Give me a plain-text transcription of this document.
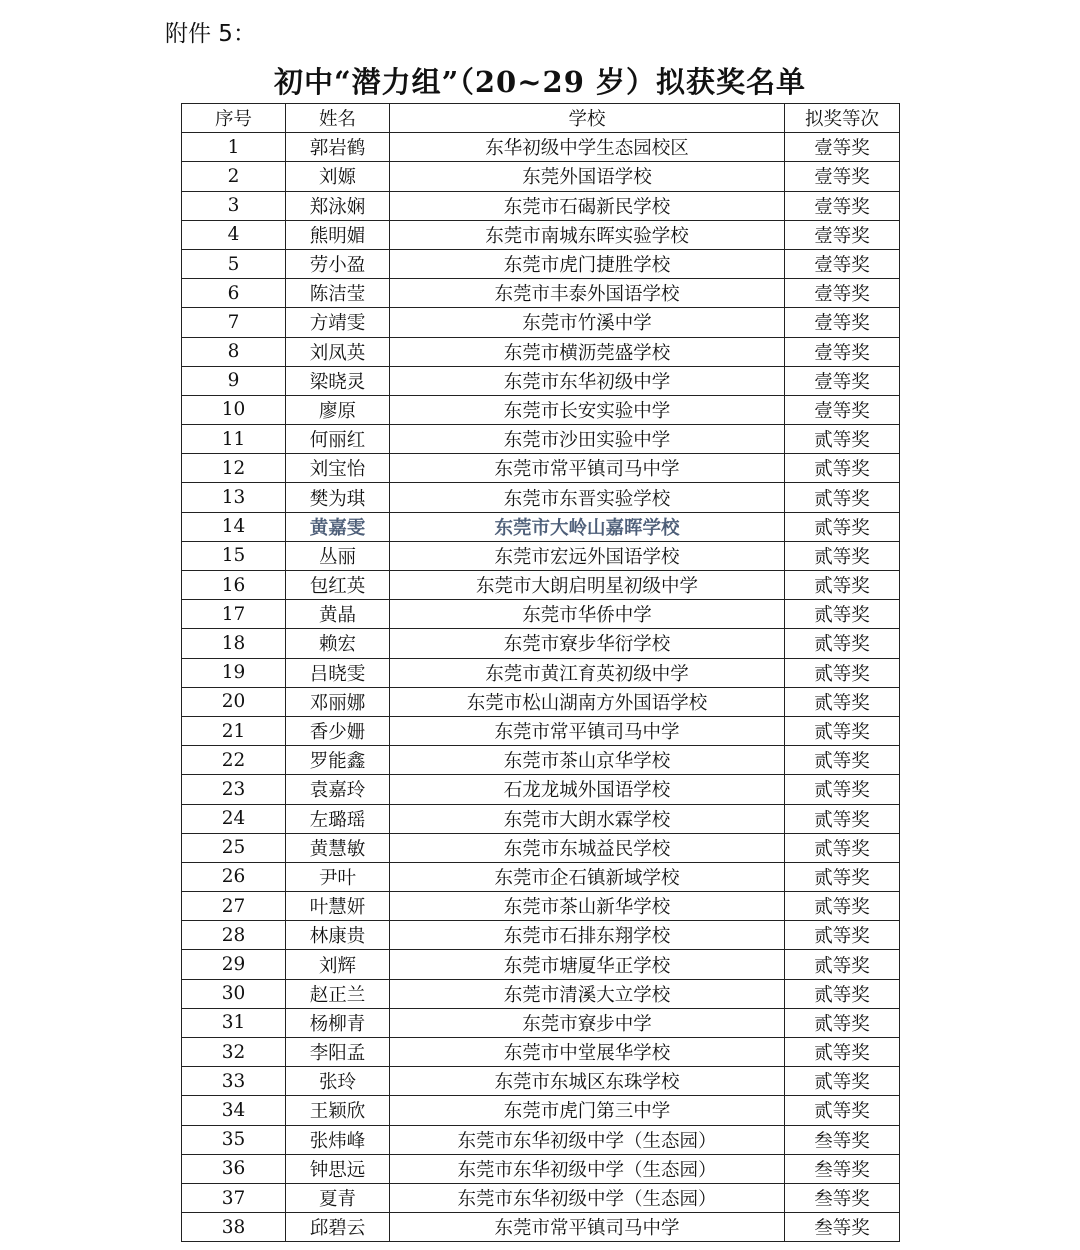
附件 5：
初中“潜力组”（20~29 岁）拟获奖名单
序号	姓名	学校	拟奖等次
1	郭岩鹤	东华初级中学生态园校区	壹等奖
2	刘嫄	东莞外国语学校	壹等奖
3	郑泳娴	东莞市石碣新民学校	壹等奖
4	熊明媚	东莞市南城东晖实验学校	壹等奖
5	劳小盈	东莞市虎门捷胜学校	壹等奖
6	陈洁莹	东莞市丰泰外国语学校	壹等奖
7	方靖雯	东莞市竹溪中学	壹等奖
8	刘凤英	东莞市横沥莞盛学校	壹等奖
9	梁晓灵	东莞市东华初级中学	壹等奖
10	廖原	东莞市长安实验中学	壹等奖
11	何丽红	东莞市沙田实验中学	贰等奖
12	刘宝怡	东莞市常平镇司马中学	贰等奖
13	樊为琪	东莞市东晋实验学校	贰等奖
14	黄嘉雯	东莞市大岭山嘉晖学校	贰等奖
15	丛丽	东莞市宏远外国语学校	贰等奖
16	包红英	东莞市大朗启明星初级中学	贰等奖
17	黄晶	东莞市华侨中学	贰等奖
18	赖宏	东莞市寮步华衍学校	贰等奖
19	吕晓雯	东莞市黄江育英初级中学	贰等奖
20	邓丽娜	东莞市松山湖南方外国语学校	贰等奖
21	香少姗	东莞市常平镇司马中学	贰等奖
22	罗能鑫	东莞市茶山京华学校	贰等奖
23	袁嘉玲	石龙龙城外国语学校	贰等奖
24	左璐瑶	东莞市大朗水霖学校	贰等奖
25	黄慧敏	东莞市东城益民学校	贰等奖
26	尹叶	东莞市企石镇新域学校	贰等奖
27	叶慧妍	东莞市茶山新华学校	贰等奖
28	林康贵	东莞市石排东翔学校	贰等奖
29	刘辉	东莞市塘厦华正学校	贰等奖
30	赵正兰	东莞市清溪大立学校	贰等奖
31	杨柳青	东莞市寮步中学	贰等奖
32	李阳孟	东莞市中堂展华学校	贰等奖
33	张玲	东莞市东城区东珠学校	贰等奖
34	王颖欣	东莞市虎门第三中学	贰等奖
35	张炜峰	东莞市东华初级中学（生态园）	叁等奖
36	钟思远	东莞市东华初级中学（生态园）	叁等奖
37	夏青	东莞市东华初级中学（生态园）	叁等奖
38	邱碧云	东莞市常平镇司马中学	叁等奖
